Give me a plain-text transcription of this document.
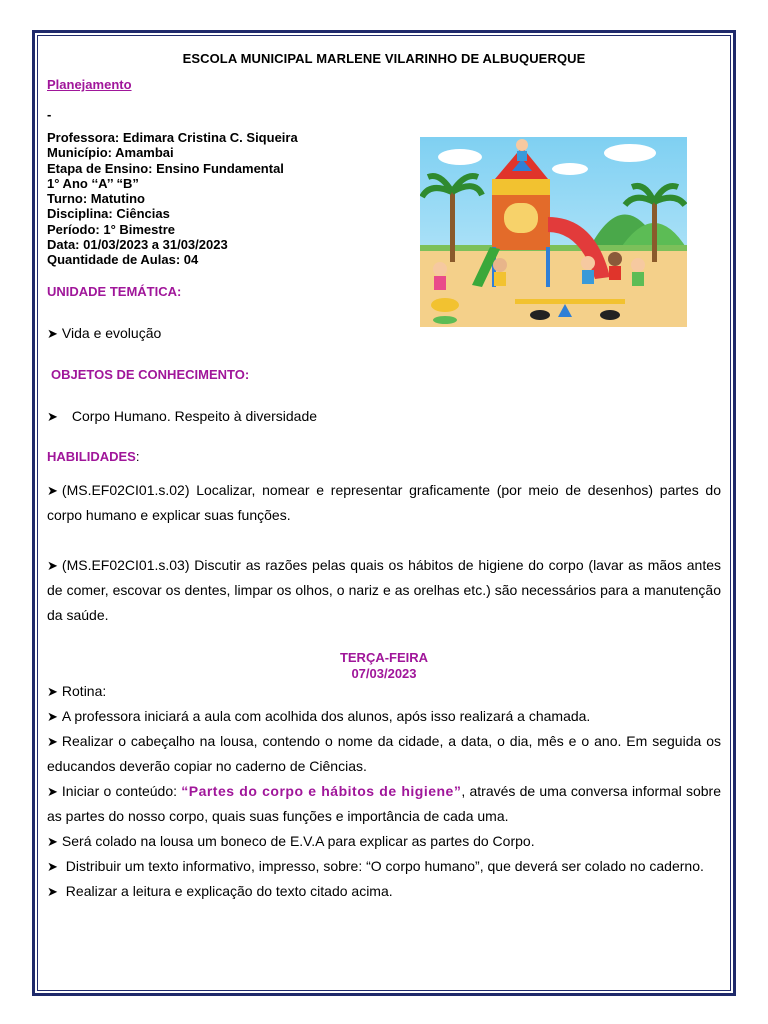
ESCOLA MUNICIPAL MARLENE VILARINHO DE ALBUQUERQUE
Planejamento
-
Professora: Edimara Cristina C. Siqueira
Município: Amambai
Etapa de Ensino: Ensino Fundamental
1° Ano ‘‘A’’ “B”
Turno: Matutino
Disciplina: Ciências
Período: 1° Bimestre
Data: 01/03/2023 a 31/03/2023
Quantidade de Aulas: 04
UNIDADE TEMÁTICA:
➤ Vida e evolução
OBJETOS DE CONHECIMENTO:
➤ Corpo Humano. Respeito à diversidade
HABILIDADES:
➤ (MS.EF02CI01.s.02) Localizar, nomear e representar graficamente (por meio de desenhos) partes do corpo humano e explicar suas funções.
➤ (MS.EF02CI01.s.03) Discutir as razões pelas quais os hábitos de higiene do corpo (lavar as mãos antes de comer, escovar os dentes, limpar os olhos, o nariz e as orelhas etc.) são necessários para a manutenção da saúde.
TERÇA-FEIRA
07/03/2023
➤ Rotina:
➤ A professora iniciará a aula com acolhida dos alunos, após isso realizará a chamada.
➤ Realizar o cabeçalho na lousa, contendo o nome da cidade, a data, o dia, mês e o ano. Em seguida os educandos deverão copiar no caderno de Ciências.
➤ Iniciar o conteúdo: “Partes do corpo e hábitos de higiene”, através de uma conversa informal sobre as partes do nosso corpo, quais suas funções e importância de cada uma.
➤ Será colado na lousa um boneco de E.V.A para explicar as partes do Corpo.
➤ Distribuir um texto informativo, impresso, sobre: “O corpo humano”, que deverá ser colado no caderno.
➤ Realizar a leitura e explicação do texto citado acima.
